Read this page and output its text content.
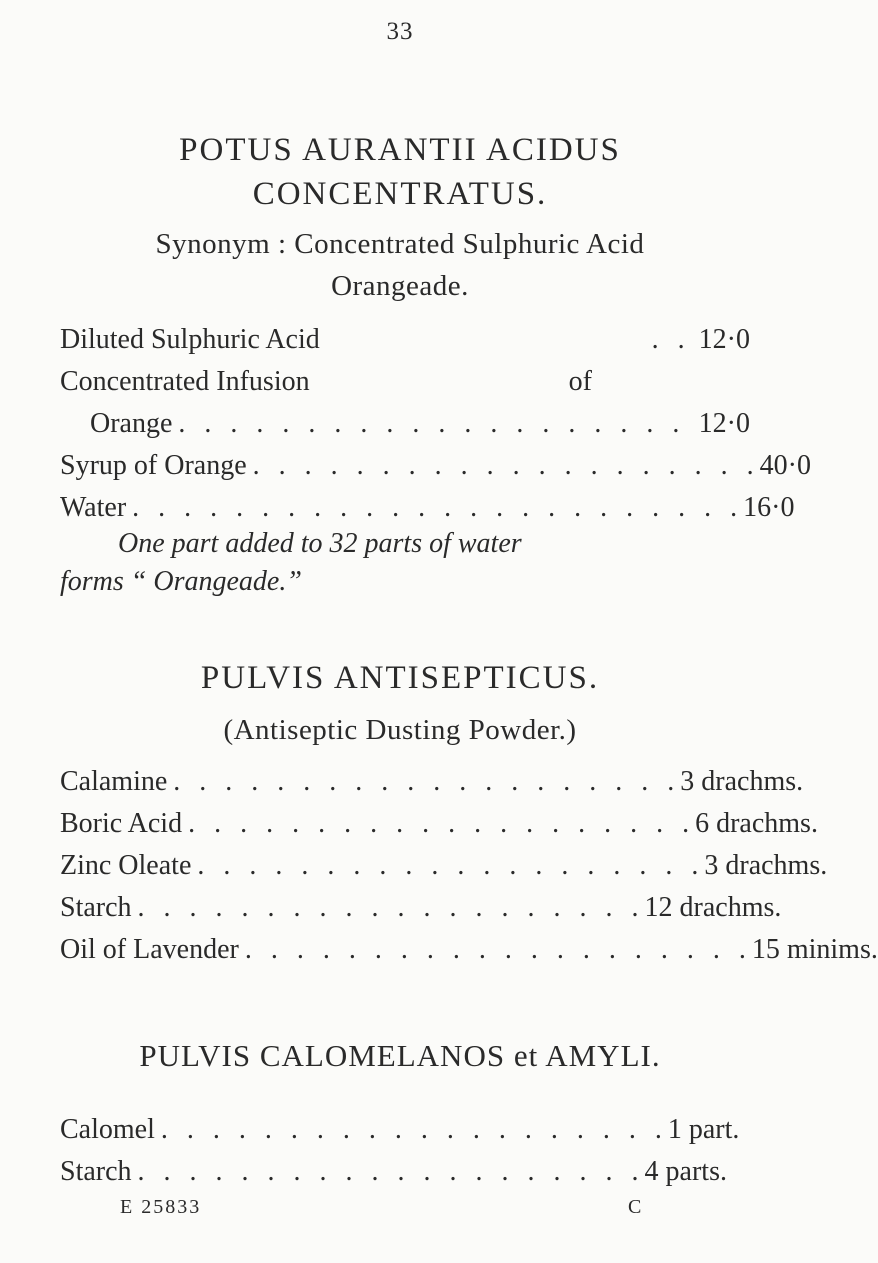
33
POTUS AURANTII ACIDUS
CONCENTRATUS.
Synonym : Concentrated Sulphuric Acid
Orangeade.
Diluted Sulphuric Acid	. . 12·0
Concentrated Infusion	of
Orange . . . . . . . . . . . . . . . . . . . . 12·0
Syrup of Orange . . . . . . . . . . . . . . . . . . . . 40·0
Water . . . . . . . . . . . . . . . . . . . . . . . . 16·0
One part added to 32 parts of water
forms “ Orangeade.”
PULVIS ANTISEPTICUS.
(Antiseptic Dusting Powder.)
Calamine . . . . . . . . . . . . . . . . . . . . 3 drachms.
Boric Acid . . . . . . . . . . . . . . . . . . . . 6 drachms.
Zinc Oleate . . . . . . . . . . . . . . . . . . . . 3 drachms.
Starch . . . . . . . . . . . . . . . . . . . . 12 drachms.
Oil of Lavender . . . . . . . . . . . . . . . . . . . . 15 minims.
PULVIS CALOMELANOS et AMYLI.
Calomel . . . . . . . . . . . . . . . . . . . . 1 part.
Starch . . . . . . . . . . . . . . . . . . . . 4 parts.
E 25833	C
